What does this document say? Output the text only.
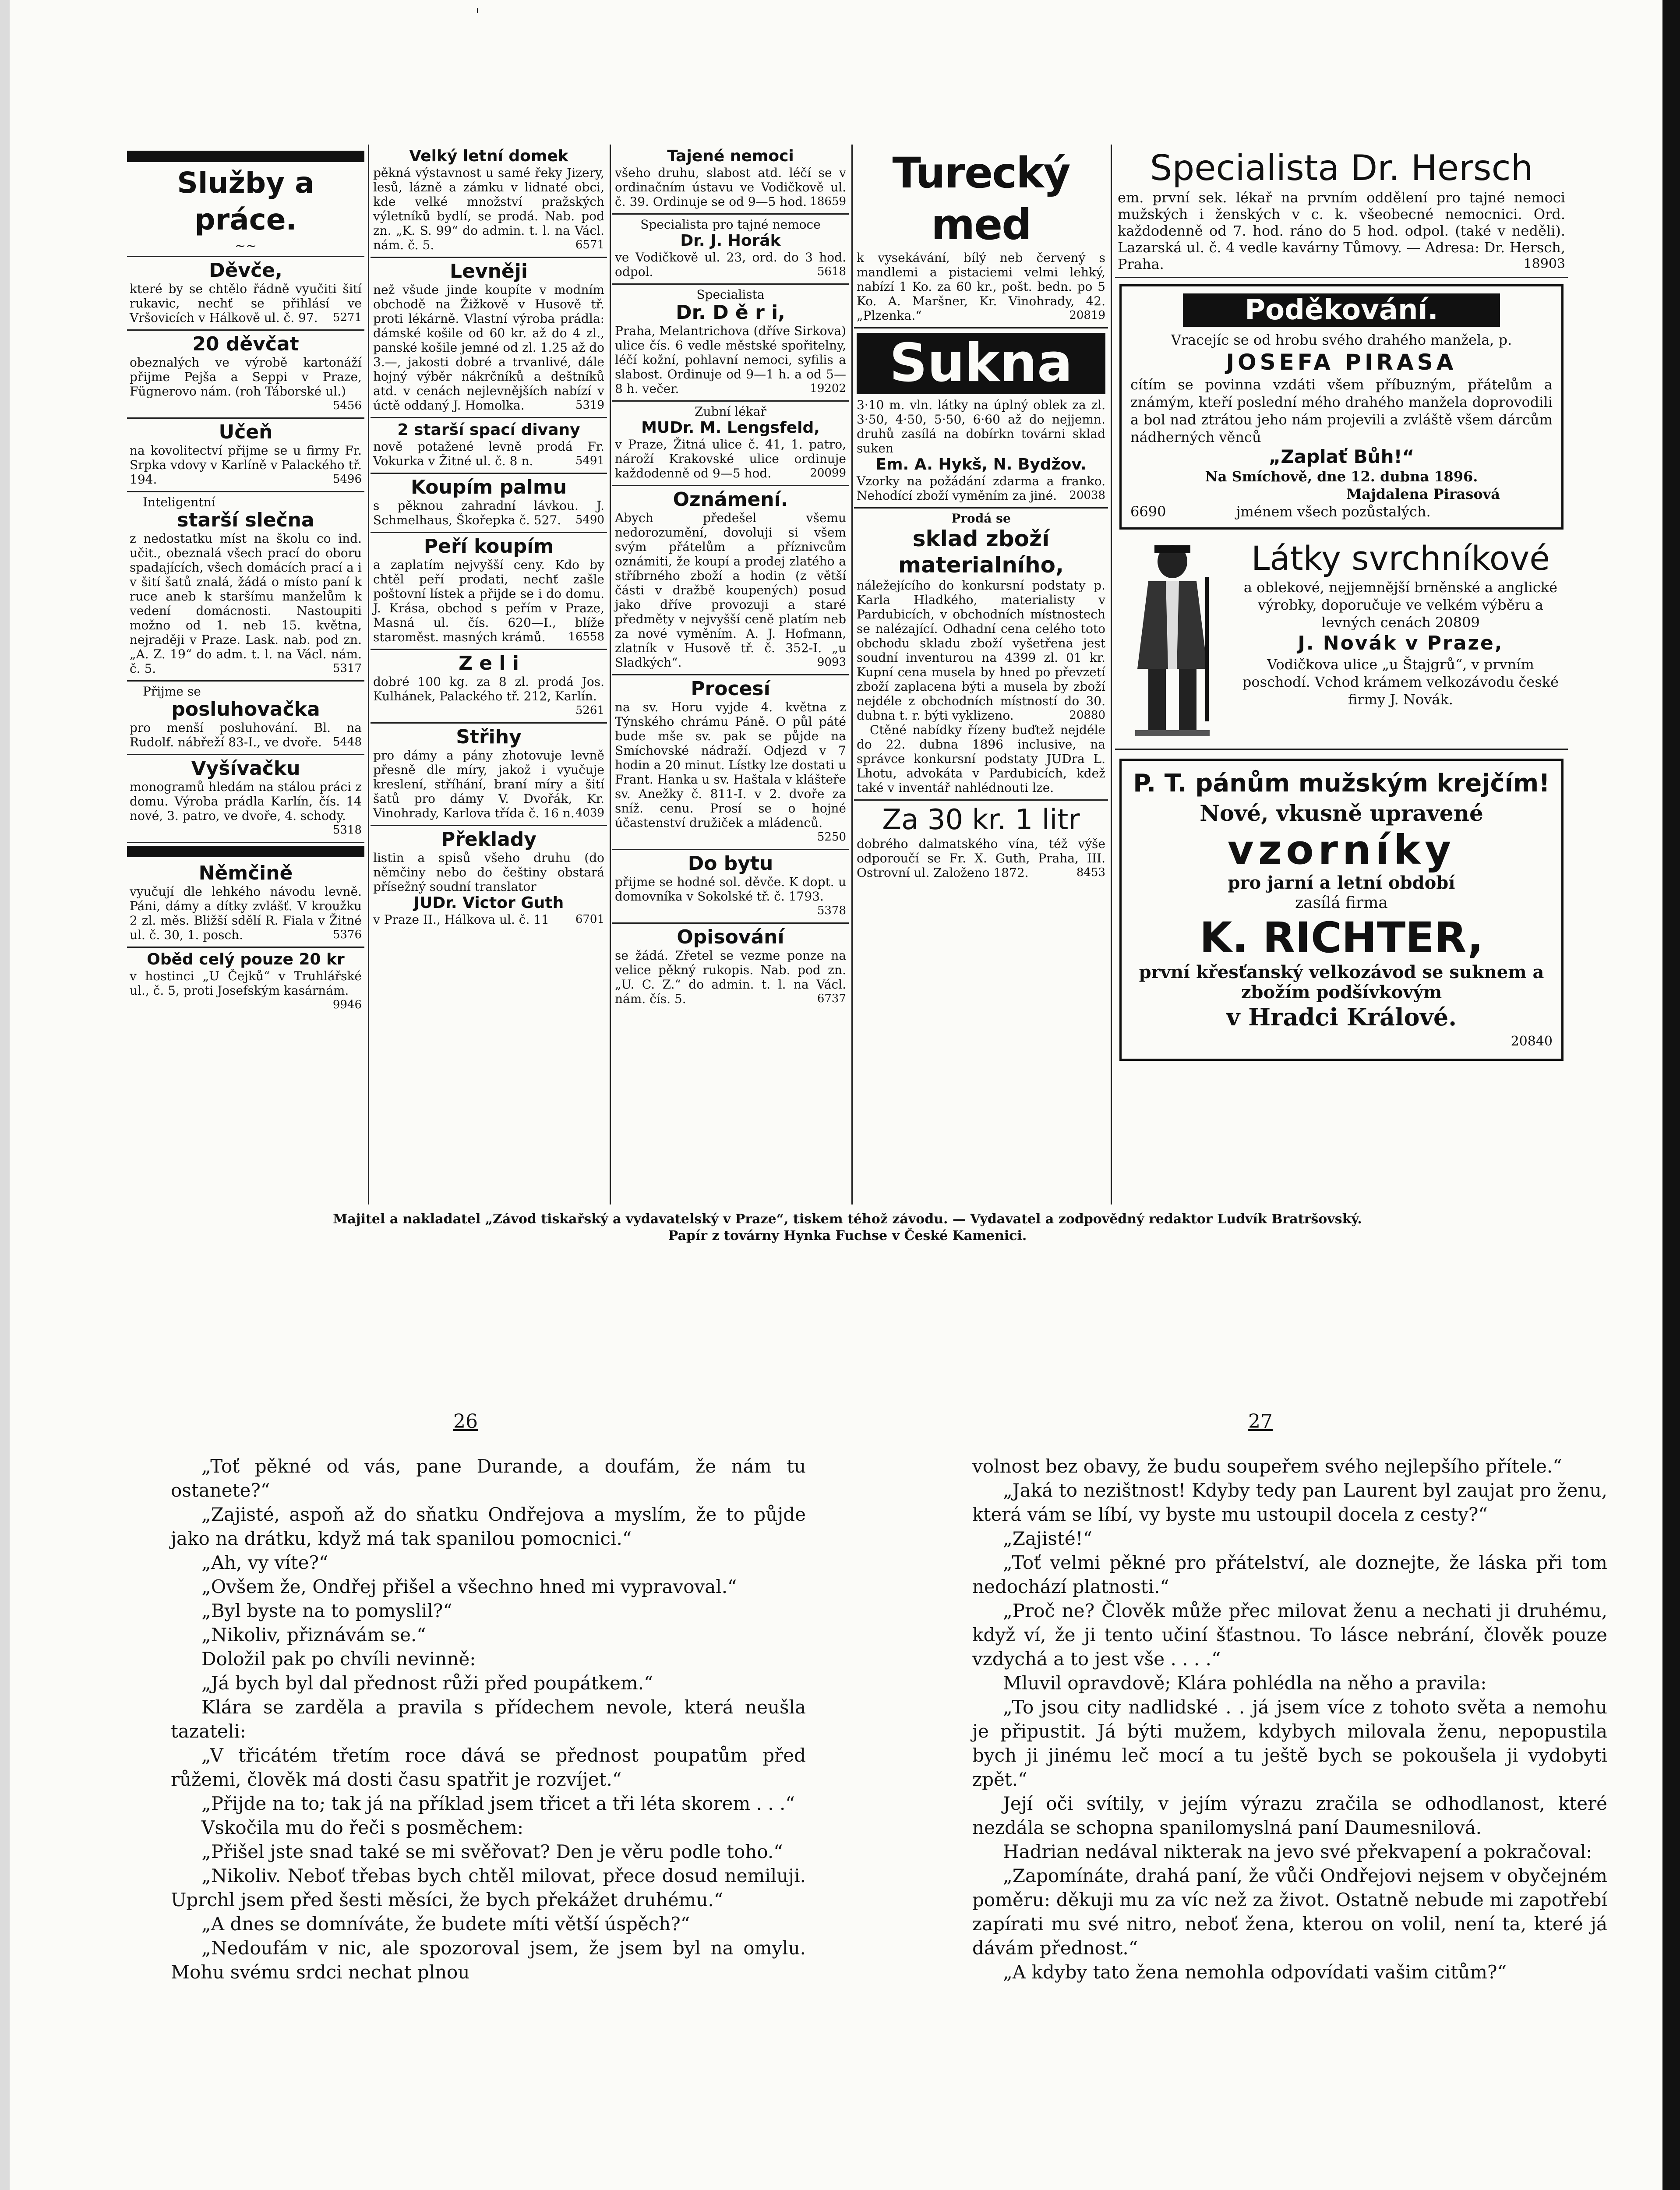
'
Služby a práce.
~~
Děvče,
které by se chtělo řádně vyučiti šití rukavic, nechť se přihlásí ve Vršovicích v Hálkově ul. č. 97. 5271
20 děvčat
obeznalých ve výrobě kartonáží přijme Pejša a Seppi v Praze, Fügnerovo nám. (roh Táborské ul.)
5456
Učeň
na kovolitectví přijme se u firmy Fr. Srpka vdovy v Karlíně v Palackého tř. 194.	5496
Inteligentní
starší slečna
z nedostatku míst na školu co ind. učit., obeznalá všech prací do oboru spadajících, všech domácích prací a i v šití šatů znalá, žádá o místo paní k ruce aneb k staršímu manželům k vedení domácnosti. Nastoupiti možno od 1. neb 15. května, nejraději v Praze. Lask. nab. pod zn. „A. Z. 19“ do adm. t. l. na Václ. nám. č. 5.	5317
Přijme se
posluhovačka
pro menší posluhování. Bl. na Rudolf. nábřeží 83-I., ve dvoře. 5448
Vyšívačku
monogramů hledám na stálou práci z domu. Výroba prádla Karlín, čís. 14 nové, 3. patro, ve dvoře, 4. schody.
5318
Němčině
vyučují dle lehkého návodu levně. Páni, dámy a dítky zvlášť. V kroužku 2 zl. měs. Bližší sdělí R. Fiala v Žitné ul. č. 30, 1. posch.	5376
Oběd celý pouze 20 kr
v hostinci „U Čejků“ v Truhlářské ul., č. 5, proti Josefským kasárnám.
9946
Velký letní domek
pěkná výstavnost u samé řeky Jizery, lesů, lázně a zámku v lidnaté obci, kde velké množství pražských výletníků bydlí, se prodá. Nab. pod zn. „K. S. 99“ do admin. t. l. na Václ. nám. č. 5.	6571
Levněji
než všude jinde koupíte v modním obchodě na Žižkově v Husově tř. proti lékárně. Vlastní výroba prádla: dámské košile od 60 kr. až do 4 zl., panské košile jemné od zl. 1.25 až do 3.—, jakosti dobré a trvanlivé, dále hojný výběr nákrčníků a deštníků atd. v cenách nejlevnějších nabízí v úctě oddaný J. Homolka.	5319
2 starší spací divany
nově potažené levně prodá Fr. Vokurka v Žitné ul. č. 8 n.	5491
Koupím palmu
s pěknou zahradní lávkou. J. Schmelhaus, Škořepka č. 527. 5490
Peří koupím
a zaplatím nejvyšší ceny. Kdo by chtěl peří prodati, nechť zašle poštovní lístek a přijde se i do domu. J. Krása, obchod s peřím v Praze, Masná ul. čís. 620—I., blíže staroměst. masných krámů. 16558
Z e l i
dobré 100 kg. za 8 zl. prodá Jos. Kulhánek, Palackého tř. 212, Karlín.
5261
Střihy
pro dámy a pány zhotovuje levně přesně dle míry, jakož i vyučuje kreslení, stříhání, braní míry a šití šatů pro dámy V. Dvořák, Kr. Vinohrady, Karlova třída č. 16 n. 4039
Překlady
listin a spisů všeho druhu (do němčiny nebo do češtiny obstará přísežný soudní translator
JUDr. Victor Guth
v Praze II., Hálkova ul. č. 11 6701
Tajené nemoci
všeho druhu, slabost atd. léčí se v ordinačním ústavu ve Vodičkově ul. č. 39. Ordinuje se od 9—5 hod. 18659
Specialista pro tajné nemoce
Dr. J. Horák
ve Vodičkově ul. 23, ord. do 3 hod. odpol.	5618
Specialista
Dr. D ě r i,
Praha, Melantrichova (dříve Sirkova) ulice čís. 6 vedle městské spořitelny, léčí kožní, pohlavní nemoci, syfilis a slabost. Ordinuje od 9—1 h. a od 5—8 h. večer.	19202
Zubní lékař
MUDr. M. Lengsfeld,
v Praze, Žitná ulice č. 41, 1. patro, nároží Krakovské ulice ordinuje každodenně od 9—5 hod.	20099
Oznámení.
Abych předešel všemu nedorozumění, dovoluji si všem svým přátelům a příznivcům oznámiti, že koupí a prodej zlatého a stříbrného zboží a hodin (z větší části v dražbě koupených) posud jako dříve provozuji a staré předměty v nejvyšší ceně platím neb za nové vyměním. A. J. Hofmann, zlatník v Husově tř. č. 352-I. „u Sladkých“.	9093
Procesí
na sv. Horu vyjde 4. května z Týnského chrámu Páně. O půl páté bude mše sv. pak se půjde na Smíchovské nádraží. Odjezd v 7 hodin a 20 minut. Lístky lze dostati u Frant. Hanka u sv. Haštala v klášteře sv. Anežky č. 811-I. v 2. dvoře za sníž. cenu. Prosí se o hojné účastenství družiček a mládenců.
5250
Do bytu
přijme se hodné sol. děvče. K dopt. u domovníka v Sokolské tř. č. 1793.
5378
Opisování
se žádá. Zřetel se vezme ponze na velice pěkný rukopis. Nab. pod zn. „U. C. Z.“ do admin. t. l. na Václ. nám. čís. 5.	6737
Turecký med
k vysekávání, bílý neb červený s mandlemi a pistaciemi velmi lehký, nabízí 1 Ko. za 60 kr., pošt. bedn. po 5 Ko. A. Maršner, Kr. Vinohrady, 42. „Plzenka.“	20819
Sukna
3·10 m. vln. látky na úplný oblek za zl. 3·50, 4·50, 5·50, 6·60 až do nejjemn. druhů zasílá na dobírkn továrni sklad suken
Em. A. Hykš, N. Bydžov.
Vzorky na požádání zdarma a franko. Nehodící zboží vyměním za jiné. 20038
Prodá se
sklad zboží materialního,
náležejícího do konkursní podstaty p. Karla Hladkého, materialisty v Pardubicích, v obchodních místnostech se nalézající. Odhadní cena celého toto obchodu skladu zboží vyšetřena jest soudní inventurou na 4399 zl. 01 kr. Kupní cena musela by hned po převzetí zboží zaplacena býti a musela by zboží nejdéle z obchodních místností do 30. dubna t. r. býti vyklizeno.	20880
Ctěné nabídky řízeny buďtež nejdéle do 22. dubna 1896 inclusive, na správce konkursní podstaty JUDra L. Lhotu, advokáta v Pardubicích, kdež také v inventář nahlédnouti lze.
Za 30 kr. 1 litr
dobrého dalmatského vína, též výše odporoučí se Fr. X. Guth, Praha, III. Ostrovní ul. Založeno 1872.	8453
Specialista Dr. Hersch
em. první sek. lékař na prvním oddělení pro tajné nemoci mužských i ženských v c. k. všeobecné nemocnici. Ord. každodenně od 7. hod. ráno do 5 hod. odpol. (také v neděli). Lazarská ul. č. 4 vedle kavárny Tůmovy. — Adresa: Dr. Hersch, Praha.	18903
Poděkování.
Vracejíc se od hrobu svého drahého manžela, p.
JOSEFA PIRASA
cítím se povinna vzdáti všem příbuzným, přátelům a známým, kteří poslední mého drahého manžela doprovodili a bol nad ztrátou jeho nám projevili a zvláště všem dárcům nádherných věnců
„Zaplať Bůh!“
Na Smíchově, dne 12. dubna 1896.
Majdalena Pirasová
6690	jménem všech pozůstalých.
Látky svrchníkové
a oblekové, nejjemnější brněnské a anglické výrobky, doporučuje ve velkém výběru a levných cenách 20809
J. Novák v Praze,
Vodičkova ulice „u Štajgrů“, v prvním poschodí. Vchod krámem velkozávodu české firmy J. Novák.
P. T. pánům mužským krejčím!
Nové, vkusně upravené
vzorníky
pro jarní a letní období
zasílá firma
K. RICHTER,
první křesťanský velkozávod se suknem a zbožím podšívkovým
v Hradci Králové.
20840
Majitel a nakladatel „Závod tiskařský a vydavatelský v Praze“, tiskem téhož závodu. — Vydavatel a zodpovědný redaktor Ludvík Bratršovský.
Papír z továrny Hynka Fuchse v České Kamenici.
26	27

„Toť pěkné od vás, pane Durande, a doufám, že nám tu ostanete?“

„Zajisté, aspoň až do sňatku Ondřejova a myslím, že to půjde jako na drátku, když má tak spanilou pomocnici.“

„Ah, vy víte?“

„Ovšem že, Ondřej přišel a všechno hned mi vypravoval.“

„Byl byste na to pomyslil?“

„Nikoliv, přiznávám se.“

Doložil pak po chvíli nevinně:

„Já bych byl dal přednost růži před poupátkem.“

Klára se zardělа a pravila s přídechem nevole, která neušla tazateli:

„V třicátém třetím roce dává se přednost poupatům před růžemi, člověk má dosti času spatřit je rozvíjet.“

„Přijde na to; tak já na příklad jsem třicet a tři léta skorem . . .“

Vskočila mu do řeči s posměchem:

„Přišel jste snad také se mi svěřovat? Den je věru podle toho.“

„Nikoliv. Neboť třebas bych chtěl milovat, přece dosud nemiluji. Uprchl jsem před šesti měsíci, že bych překážet druhému.“

„A dnes se domníváte, že budete míti větší úspěch?“

„Nedoufám v nic, ale spozoroval jsem, že jsem byl na omylu. Mohu svému srdci nechat plnou

volnost bez obavy, že budu soupeřem svého nejlepšího přítele.“

„Jaká to nezištnost! Kdyby tedy pan Laurent byl zaujat pro ženu, která vám se líbí, vy byste mu ustoupil docela z cesty?“

„Zajisté!“

„Toť velmi pěkné pro přátelství, ale doznejte, že láska při tom nedochází platnosti.“

„Proč ne? Člověk může přec milovat ženu a nechati ji druhému, když ví, že ji tento učiní šťastnou. To lásce nebrání, člověk pouze vzdychá a to jest vše . . . .“

Mluvil opravdově; Klára pohlédla na něho a pravila:

„To jsou city nadlidské . . já jsem více z tohoto světa a nemohu je připustit. Já býti mužem, kdybych milovala ženu, nepopustila bych ji jinému leč mocí a tu ještě bych se pokoušela ji vydobyti zpět.“

Její oči svítily, v jejím výrazu zračila se odhodlanost, které nezdála se schopna spanilomyslná paní Daumesnilová.

Hadrian nedával nikterak na jevo své překvapení a pokračoval:

„Zapomínáte, drahá paní, že vůči Ondřejovi nejsem v obyčejném poměru: děkuji mu za víc než za život. Ostatně nebude mi zapotřebí zapírati mu své nitro, neboť žena, kterou on volil, není ta, které já dávám přednost.“

„A kdyby tato žena nemohla odpovídati vašim citům?“
